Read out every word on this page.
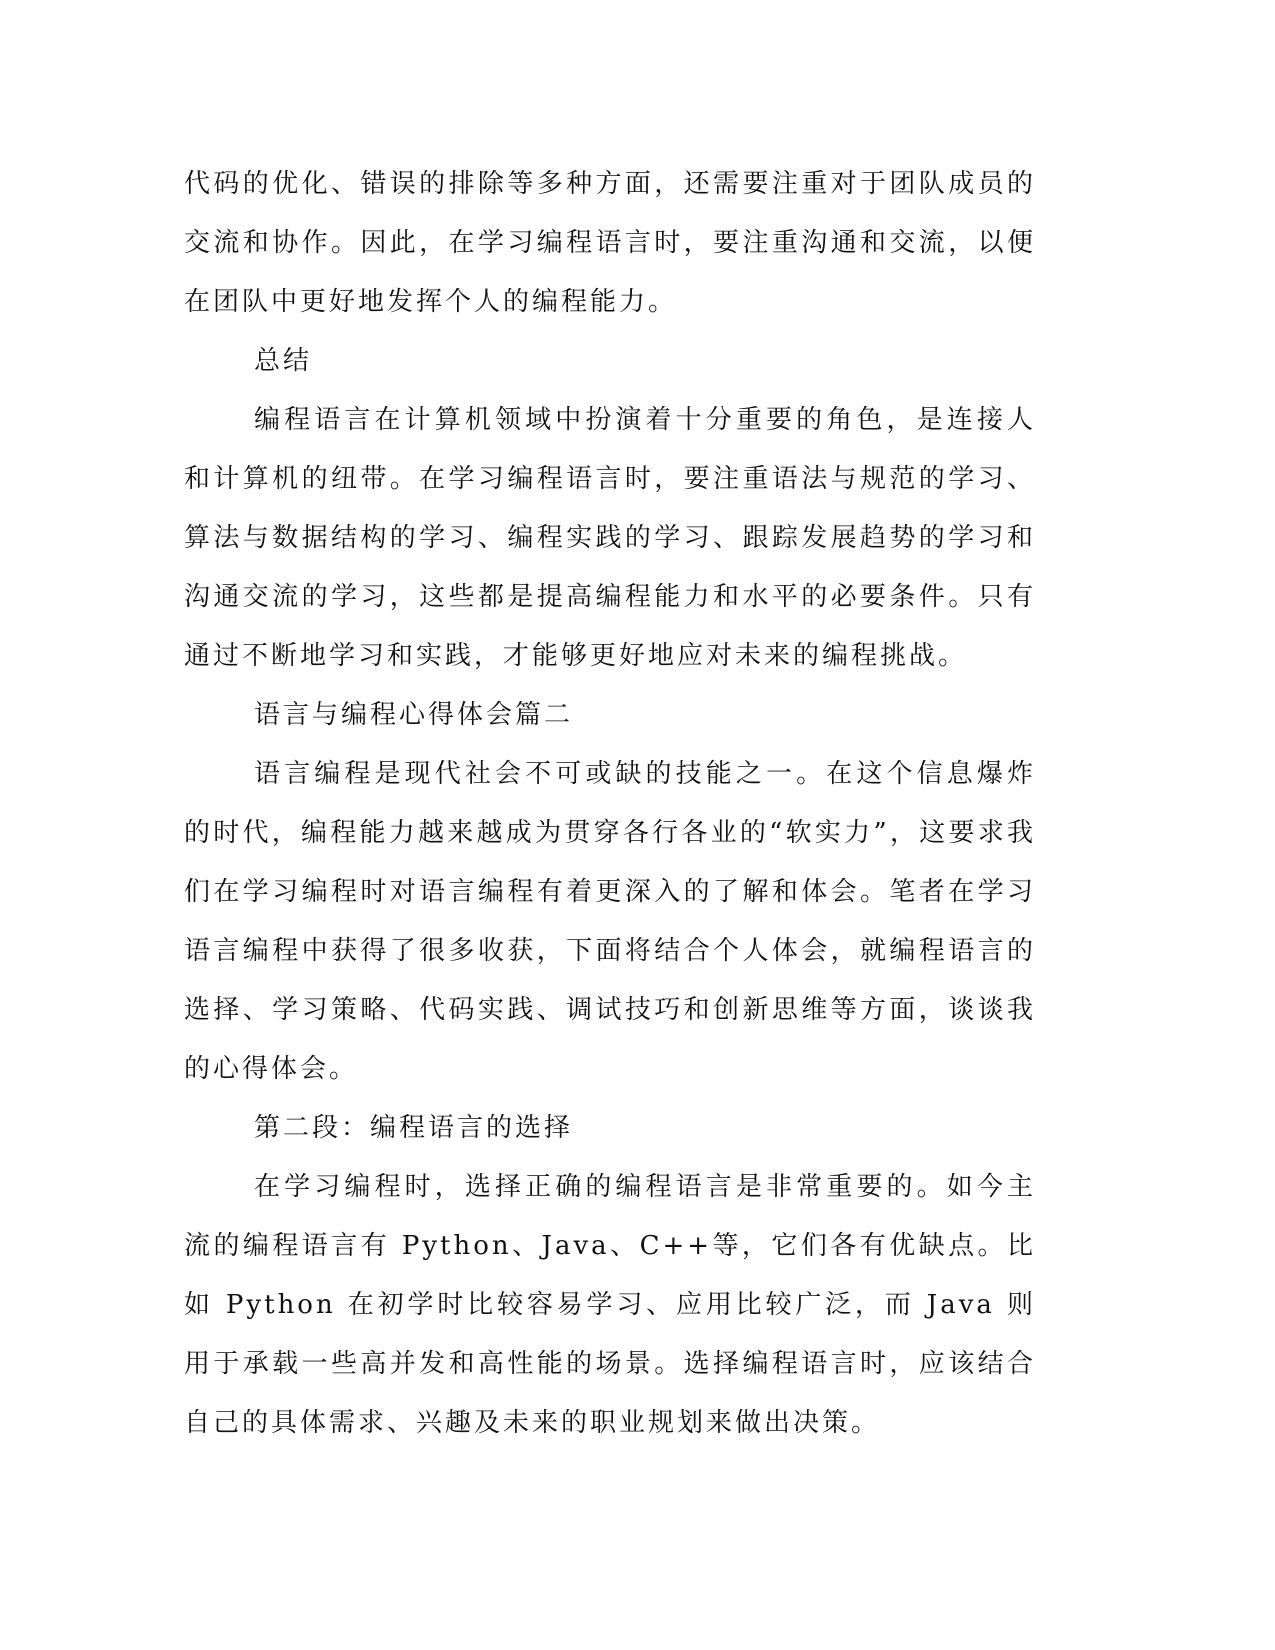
代码的优化、错误的排除等多种方面，还需要注重对于团队成员的交流和协作。因此，在学习编程语言时，要注重沟通和交流，以便在团队中更好地发挥个人的编程能力。

总结

编程语言在计算机领域中扮演着十分重要的角色，是连接人和计算机的纽带。在学习编程语言时，要注重语法与规范的学习、算法与数据结构的学习、编程实践的学习、跟踪发展趋势的学习和沟通交流的学习，这些都是提高编程能力和水平的必要条件。只有通过不断地学习和实践，才能够更好地应对未来的编程挑战。

语言与编程心得体会篇二

语言编程是现代社会不可或缺的技能之一。在这个信息爆炸的时代，编程能力越来越成为贯穿各行各业的“软实力”，这要求我们在学习编程时对语言编程有着更深入的了解和体会。笔者在学习语言编程中获得了很多收获，下面将结合个人体会，就编程语言的选择、学习策略、代码实践、调试技巧和创新思维等方面，谈谈我的心得体会。

第二段：编程语言的选择

在学习编程时，选择正确的编程语言是非常重要的。如今主流的编程语言有 Python、Java、C++等，它们各有优缺点。比如 Python 在初学时比较容易学习、应用比较广泛，而 Java 则用于承载一些高并发和高性能的场景。选择编程语言时，应该结合自己的具体需求、兴趣及未来的职业规划来做出决策。
